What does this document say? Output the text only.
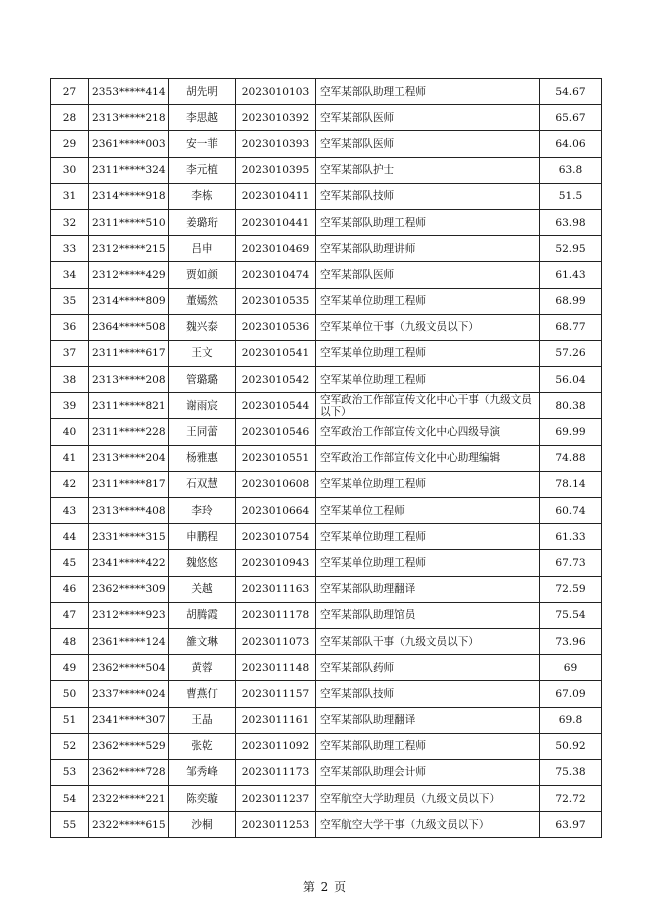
27	2353*****414	胡先明	2023010103	空军某部队助理工程师	54.67
28	2313*****218	李思越	2023010392	空军某部队医师	65.67
29	2361*****003	安一菲	2023010393	空军某部队医师	64.06
30	2311*****324	李元植	2023010395	空军某部队护士	63.8
31	2314*****918	李栋	2023010411	空军某部队技师	51.5
32	2311*****510	姜璐珩	2023010441	空军某部队助理工程师	63.98
33	2312*****215	吕申	2023010469	空军某部队助理讲师	52.95
34	2312*****429	贾如颜	2023010474	空军某部队医师	61.43
35	2314*****809	董嫣然	2023010535	空军某单位助理工程师	68.99
36	2364*****508	魏兴泰	2023010536	空军某单位干事（九级文员以下）	68.77
37	2311*****617	王文	2023010541	空军某单位助理工程师	57.26
38	2313*****208	管璐璐	2023010542	空军某单位助理工程师	56.04
39	2311*****821	谢雨宸	2023010544	空军政治工作部宣传文化中心干事（九级文员以下）	80.38
40	2311*****228	王同蕾	2023010546	空军政治工作部宣传文化中心四级导演	69.99
41	2313*****204	杨雅惠	2023010551	空军政治工作部宣传文化中心助理编辑	74.88
42	2311*****817	石双慧	2023010608	空军某单位助理工程师	78.14
43	2313*****408	李玲	2023010664	空军某单位工程师	60.74
44	2331*****315	申鹏程	2023010754	空军某单位助理工程师	61.33
45	2341*****422	魏悠悠	2023010943	空军某单位助理工程师	67.73
46	2362*****309	关越	2023011163	空军某部队助理翻译	72.59
47	2312*****923	胡腾霞	2023011178	空军某部队助理馆员	75.54
48	2361*****124	雒文琳	2023011073	空军某部队干事（九级文员以下）	73.96
49	2362*****504	黄蓉	2023011148	空军某部队药师	69
50	2337*****024	曹燕仃	2023011157	空军某部队技师	67.09
51	2341*****307	王晶	2023011161	空军某部队助理翻译	69.8
52	2362*****529	张乾	2023011092	空军某部队助理工程师	50.92
53	2362*****728	邹秀峰	2023011173	空军某部队助理会计师	75.38
54	2322*****221	陈奕璇	2023011237	空军航空大学助理员（九级文员以下）	72.72
55	2322*****615	沙桐	2023011253	空军航空大学干事（九级文员以下）	63.97
第 2 页
